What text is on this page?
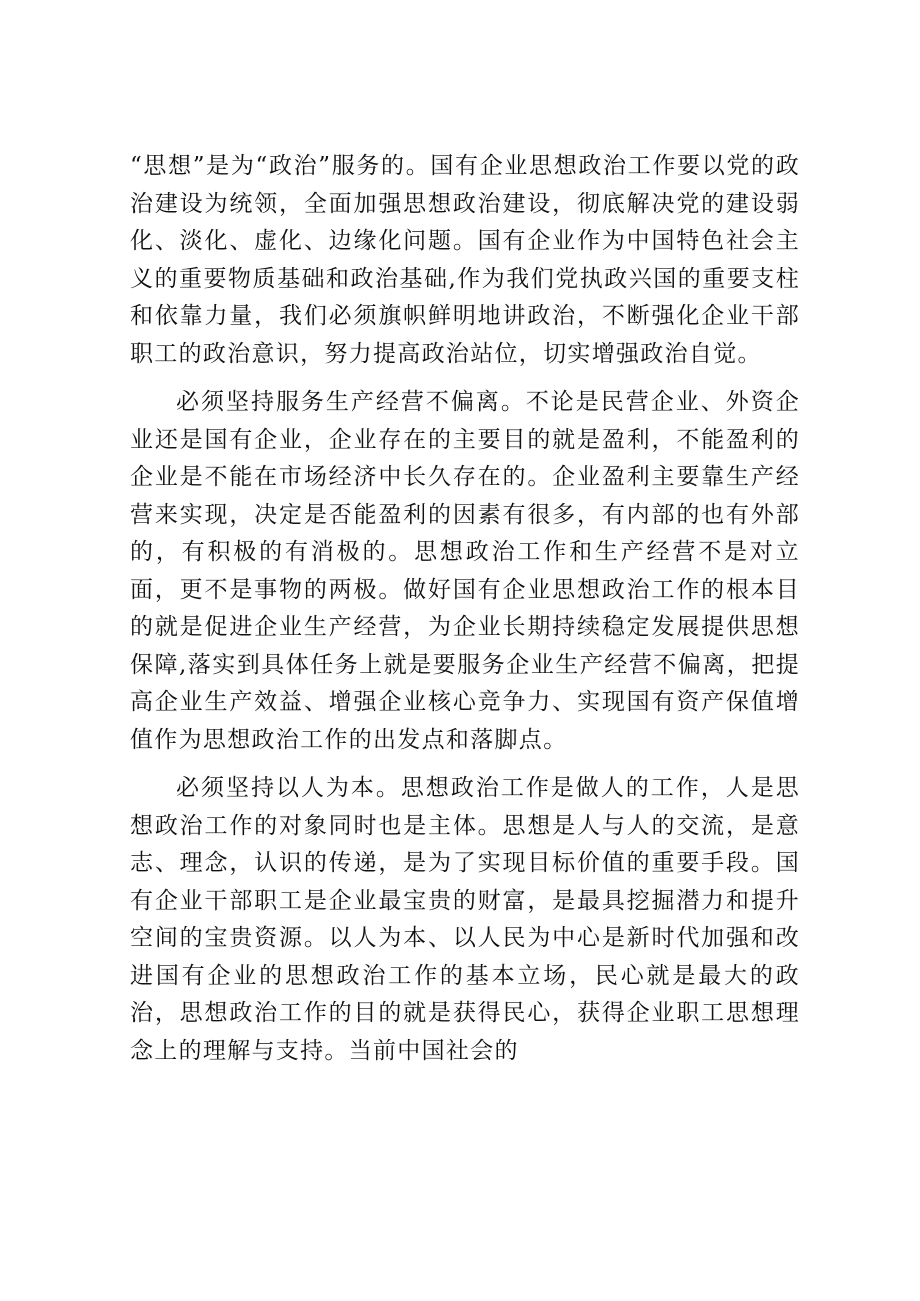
“思想”是为“政治”服务的。国有企业思想政治工作要以党的政治建设为统领，全面加强思想政治建设，彻底解决党的建设弱化、淡化、虚化、边缘化问题。国有企业作为中国特色社会主义的重要物质基础和政治基础,作为我们党执政兴国的重要支柱和依靠力量，我们必须旗帜鲜明地讲政治，不断强化企业干部职工的政治意识，努力提高政治站位，切实增强政治自觉。

必须坚持服务生产经营不偏离。不论是民营企业、外资企业还是国有企业，企业存在的主要目的就是盈利，不能盈利的企业是不能在市场经济中长久存在的。企业盈利主要靠生产经营来实现，决定是否能盈利的因素有很多，有内部的也有外部的，有积极的有消极的。思想政治工作和生产经营不是对立面，更不是事物的两极。做好国有企业思想政治工作的根本目的就是促进企业生产经营，为企业长期持续稳定发展提供思想保障,落实到具体任务上就是要服务企业生产经营不偏离，把提高企业生产效益、增强企业核心竞争力、实现国有资产保值增值作为思想政治工作的出发点和落脚点。

必须坚持以人为本。思想政治工作是做人的工作，人是思想政治工作的对象同时也是主体。思想是人与人的交流，是意志、理念，认识的传递，是为了实现目标价值的重要手段。国有企业干部职工是企业最宝贵的财富，是最具挖掘潜力和提升空间的宝贵资源。以人为本、以人民为中心是新时代加强和改进国有企业的思想政治工作的基本立场，民心就是最大的政治，思想政治工作的目的就是获得民心，获得企业职工思想理念上的理解与支持。当前中国社会的
